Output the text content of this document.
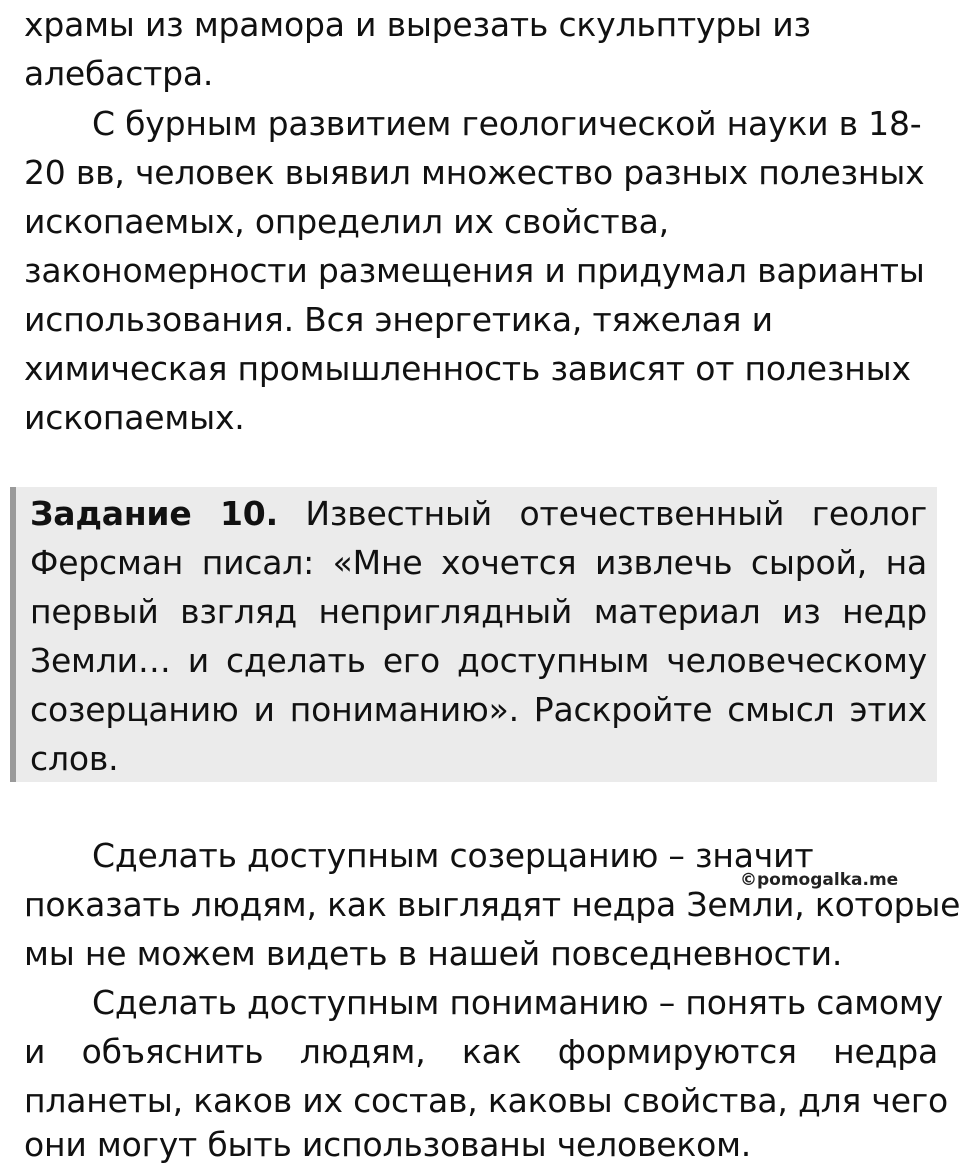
храмы из мрамора и вырезать скульптуры из
алебастра.
С бурным развитием геологической науки в 18-
20 вв, человек выявил множество разных полезных
ископаемых, определил их свойства,
закономерности размещения и придумал варианты
использования. Вся энергетика, тяжелая и
химическая промышленность зависят от полезных
ископаемых.
Задание 10. Известный отечественный геолог
Ферсман писал: «Мне хочется извлечь сырой, на
первый взгляд неприглядный материал из недр
Земли… и сделать его доступным человеческому
созерцанию и пониманию». Раскройте смысл этих
слов.
Сделать доступным созерцанию – значит
показать людям, как выглядят недра Земли, которые
мы не можем видеть в нашей повседневности.
Сделать доступным пониманию – понять самому
и объяснить людям, как формируются недра
планеты, каков их состав, каковы свойства, для чего
они могут быть использованы человеком.
©pomogalka.me
